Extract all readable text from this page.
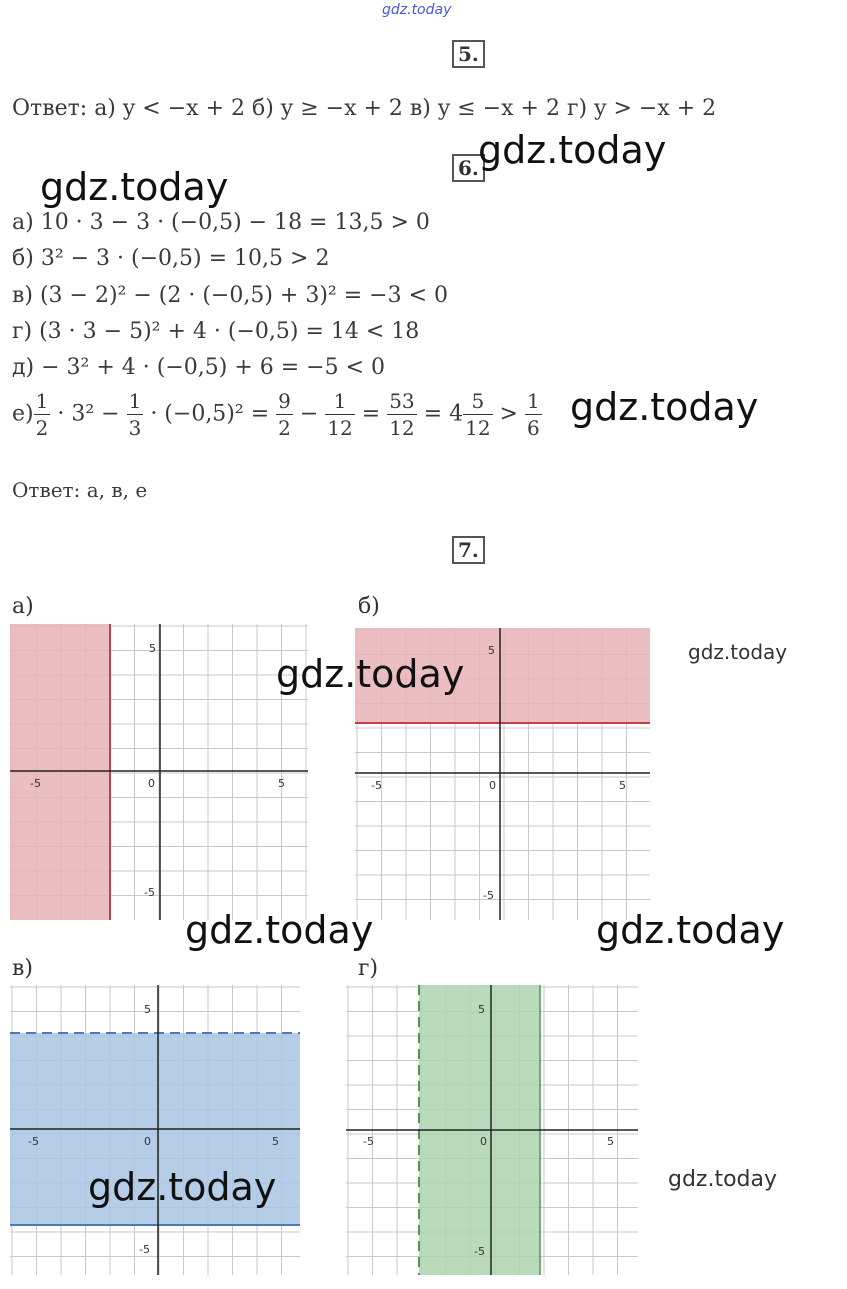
gdz.today
5.
Ответ: а) y < −x + 2 б) y ≥ −x + 2 в) y ≤ −x + 2 г) y > −x + 2
6. gdz.today
gdz.today
а) 10 · 3 − 3 · (−0,5) − 18 = 13,5 > 0
б) 3² − 3 · (−0,5) = 10,5 > 2
в) (3 − 2)² − (2 · (−0,5) + 3)² = −3 < 0
г) (3 · 3 − 5)² + 4 · (−0,5) = 14 < 18
д) − 3² + 4 · (−0,5) + 6 = −5 < 0
$е) \frac{1}{2} \cdot 3^2 - \frac{1}{3} \cdot (-0,5)^2 = \frac{9}{2} - \frac{1}{12} = \frac{53}{12} = 4 \frac{5}{12} > \frac{1}{6}$ gdz.today
Ответ: а, в, е
7.
а)	б)
в)	г)
-5	0	5
5
-5
-5	0	5
5
-5
gdz.today
gdz.today
gdz.today	gdz.today
-5	0	5
5
-5
gdz.today
-5	0	5
5
-5
gdz.today
